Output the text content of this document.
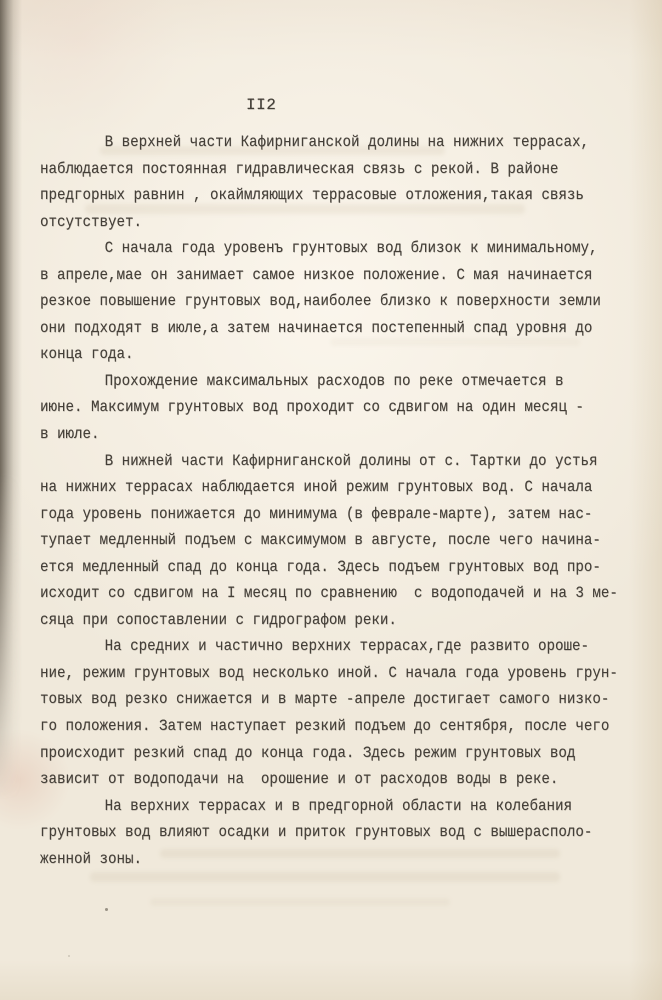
II2
В верхней части Кафирниганской долины на нижних террасах,
наблюдается постоянная гидравлическая связь с рекой. В районе
предгорных равнин , окаймляющих террасовые отложения,такая связь
отсутствует.
С начала года уровенъ грунтовых вод близок к минимальному,
в апреле,мае он занимает самое низкое положение. С мая начинается
резкое повышение грунтовых вод,наиболее близко к поверхности земли
они подходят в июле,а затем начинается постепенный спад уровня до
конца года.
Прохождение максимальных расходов по реке отмечается в
июне. Максимум грунтовых вод проходит со сдвигом на один месяц -
в июле.
В нижней части Кафирниганской долины от с. Тартки до устья
на нижних террасах наблюдается иной режим грунтовых вод. С начала
года уровень понижается до минимума (в феврале-марте), затем нас-
тупает медленный подъем с максимумом в августе, после чего начина-
ется медленный спад до конца года. Здесь подъем грунтовых вод про-
исходит со сдвигом на I месяц по сравнению  с водоподачей и на 3 ме-
сяца при сопоставлении с гидрографом реки.
На средних и частично верхних террасах,где развито ороше-
ние, режим грунтовых вод несколько иной. С начала года уровень грун-
товых вод резко снижается и в марте -апреле достигает самого низко-
го положения. Затем наступает резкий подъем до сентября, после чего
происходит резкий спад до конца года. Здесь режим грунтовых вод
зависит от водоподачи на  орошение и от расходов воды в реке.
На верхних террасах и в предгорной области на колебания
грунтовых вод влияют осадки и приток грунтовых вод с вышерасполо-
женной зоны.
